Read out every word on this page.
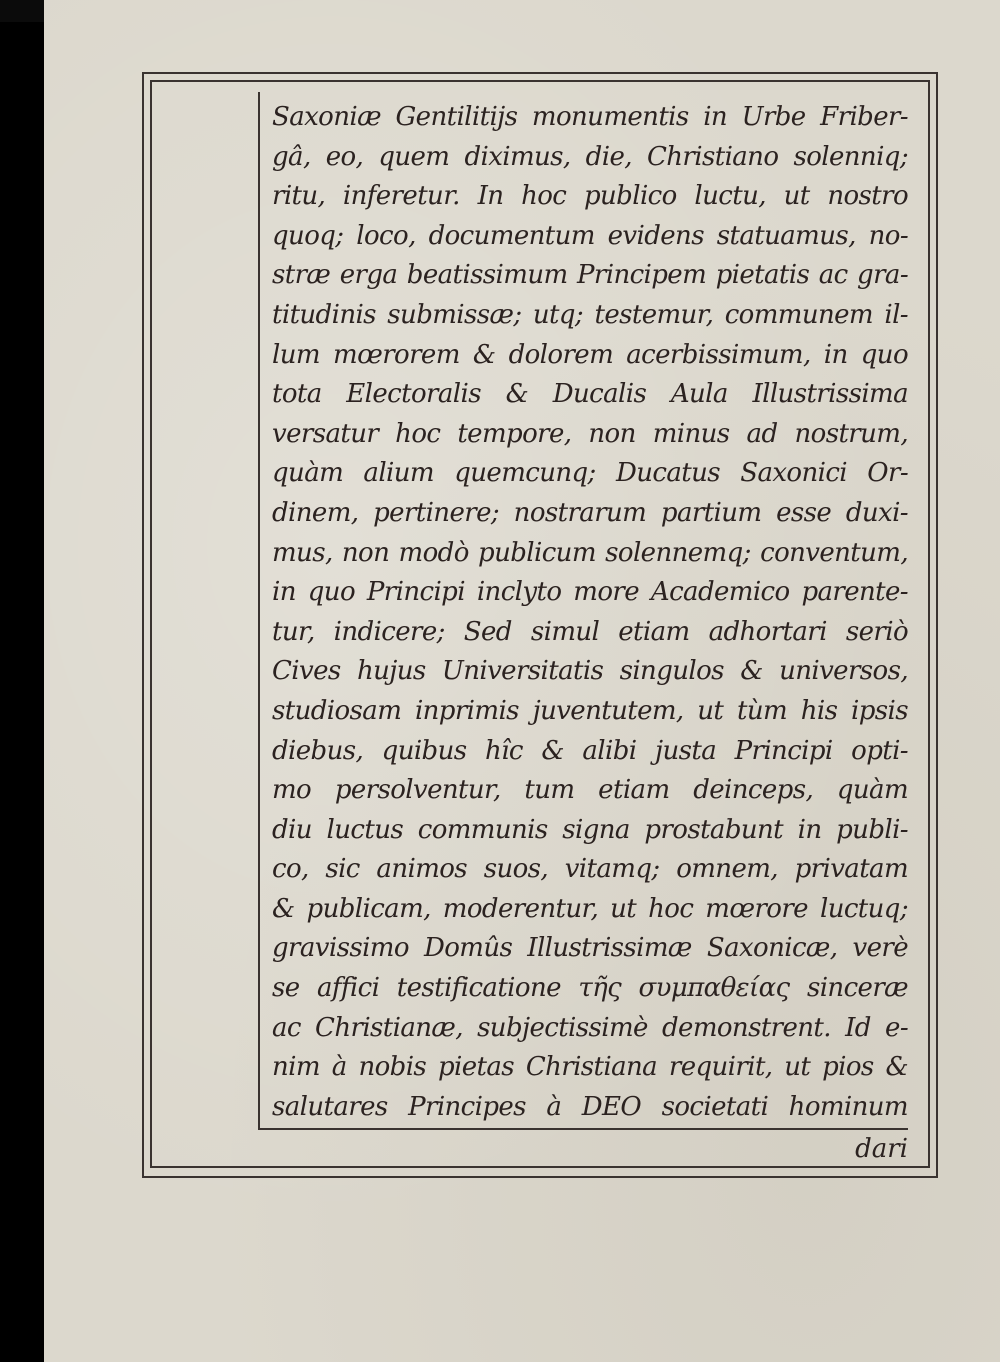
Saxoniæ Gentilitijs monumentis in Urbe Friber-
gâ, eo, quem diximus, die, Christiano solenniq;
ritu, inferetur. In hoc publico luctu, ut nostro
quoq; loco, documentum evidens statuamus, no-
stræ erga beatissimum Principem pietatis ac gra-
titudinis submissæ; utq; testemur, communem il-
lum mœrorem & dolorem acerbissimum, in quo
tota Electoralis & Ducalis Aula Illustrissima
versatur hoc tempore, non minus ad nostrum,
quàm alium quemcunq; Ducatus Saxonici Or-
dinem, pertinere; nostrarum partium esse duxi-
mus, non modò publicum solennemq; conventum,
in quo Principi inclyto more Academico parente-
tur, indicere; Sed simul etiam adhortari seriò
Cives hujus Universitatis singulos & universos,
studiosam inprimis juventutem, ut tùm his ipsis
diebus, quibus hîc & alibi justa Principi opti-
mo persolventur, tum etiam deinceps, quàm
diu luctus communis signa prostabunt in publi-
co, sic animos suos, vitamq; omnem, privatam
& publicam, moderentur, ut hoc mœrore luctuq;
gravissimo Domûs Illustrissimæ Saxonicæ, verè
se affici testificatione τῆς συμπαθείας sinceræ
ac Christianæ, subjectissimè demonstrent. Id e-
nim à nobis pietas Christiana requirit, ut pios &
salutares Principes à DEO societati hominum
dari
